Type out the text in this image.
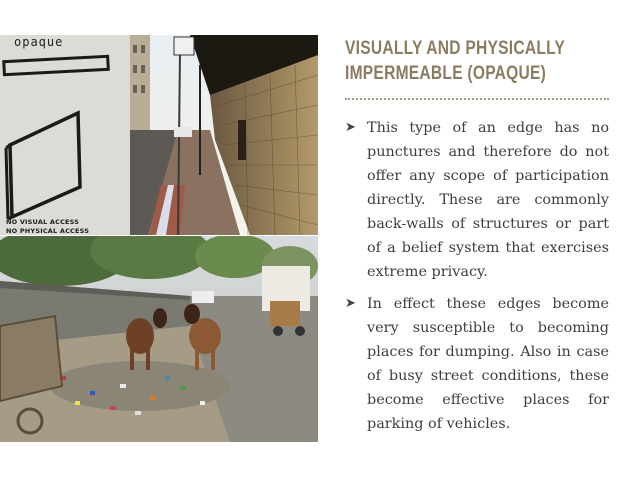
opaque
NO VISUAL ACCESS
NO PHYSICAL ACCESS
VISUALLY AND PHYSICALLY
IMPERMEABLE (OPAQUE)
➤ This type of an edge has no punctures and therefore do not offer any scope of participation directly. These are commonly back-walls of structures or part of a belief system that exercises extreme privacy.
➤ In effect these edges become very susceptible to becoming places for dumping. Also in case of busy street conditions, these become effective places for parking of vehicles.
